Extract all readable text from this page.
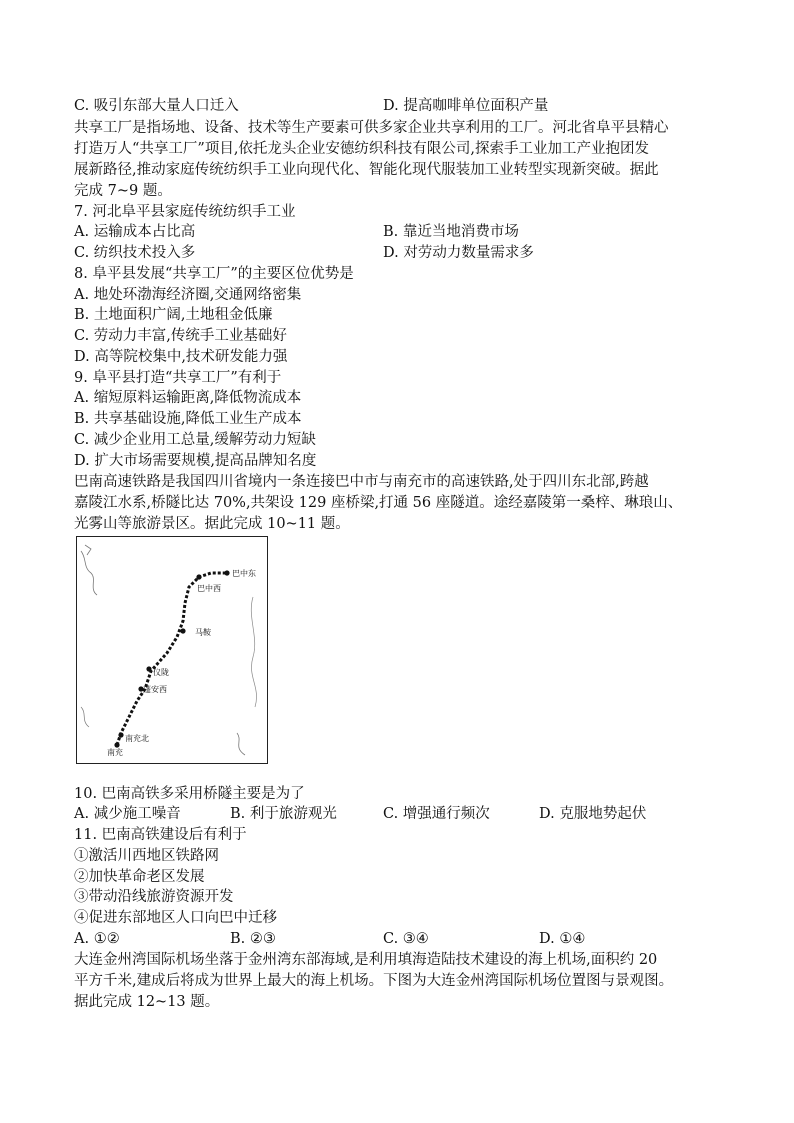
C. 吸引东部大量人口迁入	D. 提高咖啡单位面积产量
共享工厂是指场地、设备、技术等生产要素可供多家企业共享利用的工厂。河北省阜平县精心
打造万人“共享工厂”项目,依托龙头企业安德纺织科技有限公司,探索手工业加工产业抱团发
展新路径,推动家庭传统纺织手工业向现代化、智能化现代服装加工业转型实现新突破。据此
完成 7~9 题。
7. 河北阜平县家庭传统纺织手工业
A. 运输成本占比高	B. 靠近当地消费市场
C. 纺织技术投入多	D. 对劳动力数量需求多
8. 阜平县发展“共享工厂”的主要区位优势是
A. 地处环渤海经济圈,交通网络密集
B. 土地面积广阔,土地租金低廉
C. 劳动力丰富,传统手工业基础好
D. 高等院校集中,技术研发能力强
9. 阜平县打造“共享工厂”有利于
A. 缩短原料运输距离,降低物流成本
B. 共享基础设施,降低工业生产成本
C. 减少企业用工总量,缓解劳动力短缺
D. 扩大市场需要规模,提高品牌知名度
巴南高速铁路是我国四川省境内一条连接巴中市与南充市的高速铁路,处于四川东北部,跨越
嘉陵江水系,桥隧比达 70%,共架设 129 座桥梁,打通 56 座隧道。途经嘉陵第一桑梓、琳琅山、
光雾山等旅游景区。据此完成 10~11 题。
巴中东
巴中西
马鞍
仪陇
蓬安西
南充北
南充
10. 巴南高铁多采用桥隧主要是为了
A. 减少施工噪音	B. 利于旅游观光	C. 增强通行频次	D. 克服地势起伏
11. 巴南高铁建设后有利于
①激活川西地区铁路网
②加快革命老区发展
③带动沿线旅游资源开发
④促进东部地区人口向巴中迁移
A. ①②	B. ②③	C. ③④	D. ①④
大连金州湾国际机场坐落于金州湾东部海域,是利用填海造陆技术建设的海上机场,面积约 20
平方千米,建成后将成为世界上最大的海上机场。下图为大连金州湾国际机场位置图与景观图。
据此完成 12~13 题。
